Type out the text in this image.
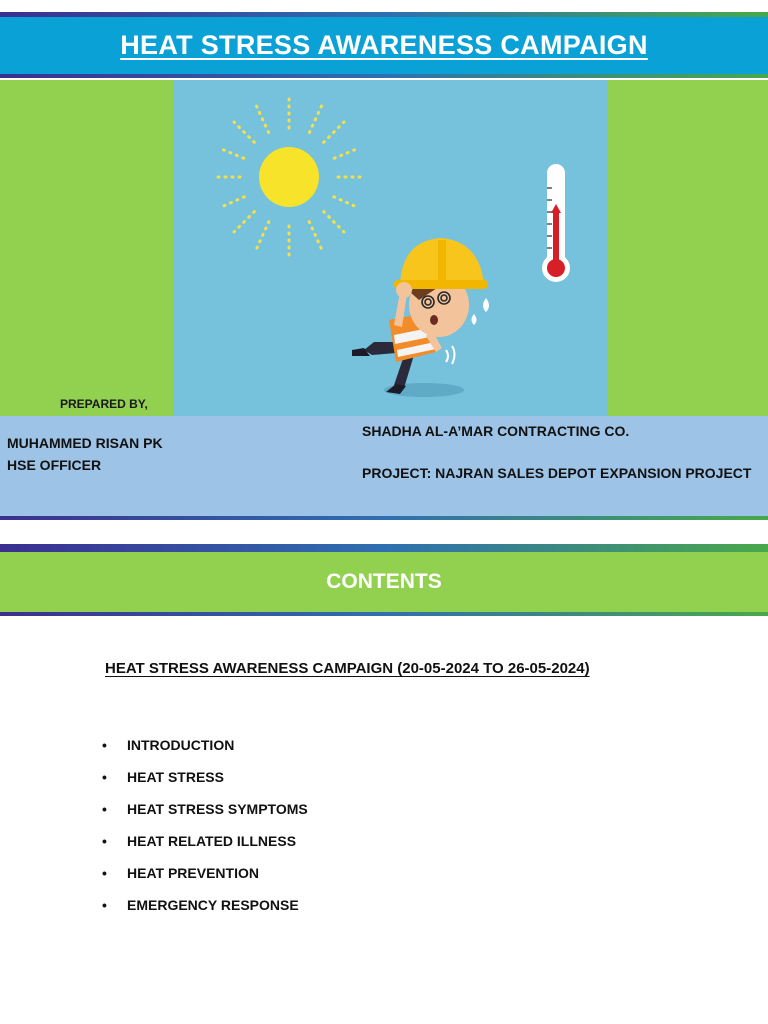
HEAT STRESS AWARENESS CAMPAIGN
PREPARED BY,
MUHAMMED RISAN PK
HSE OFFICER
SHADHA AL-A’MAR CONTRACTING CO.
PROJECT: NAJRAN SALES DEPOT EXPANSION PROJECT
CONTENTS
HEAT STRESS AWARENESS CAMPAIGN (20-05-2024 TO 26-05-2024)
•	INTRODUCTION
•	HEAT STRESS
•	HEAT STRESS SYMPTOMS
•	HEAT RELATED ILLNESS
•	HEAT PREVENTION
•	EMERGENCY RESPONSE
